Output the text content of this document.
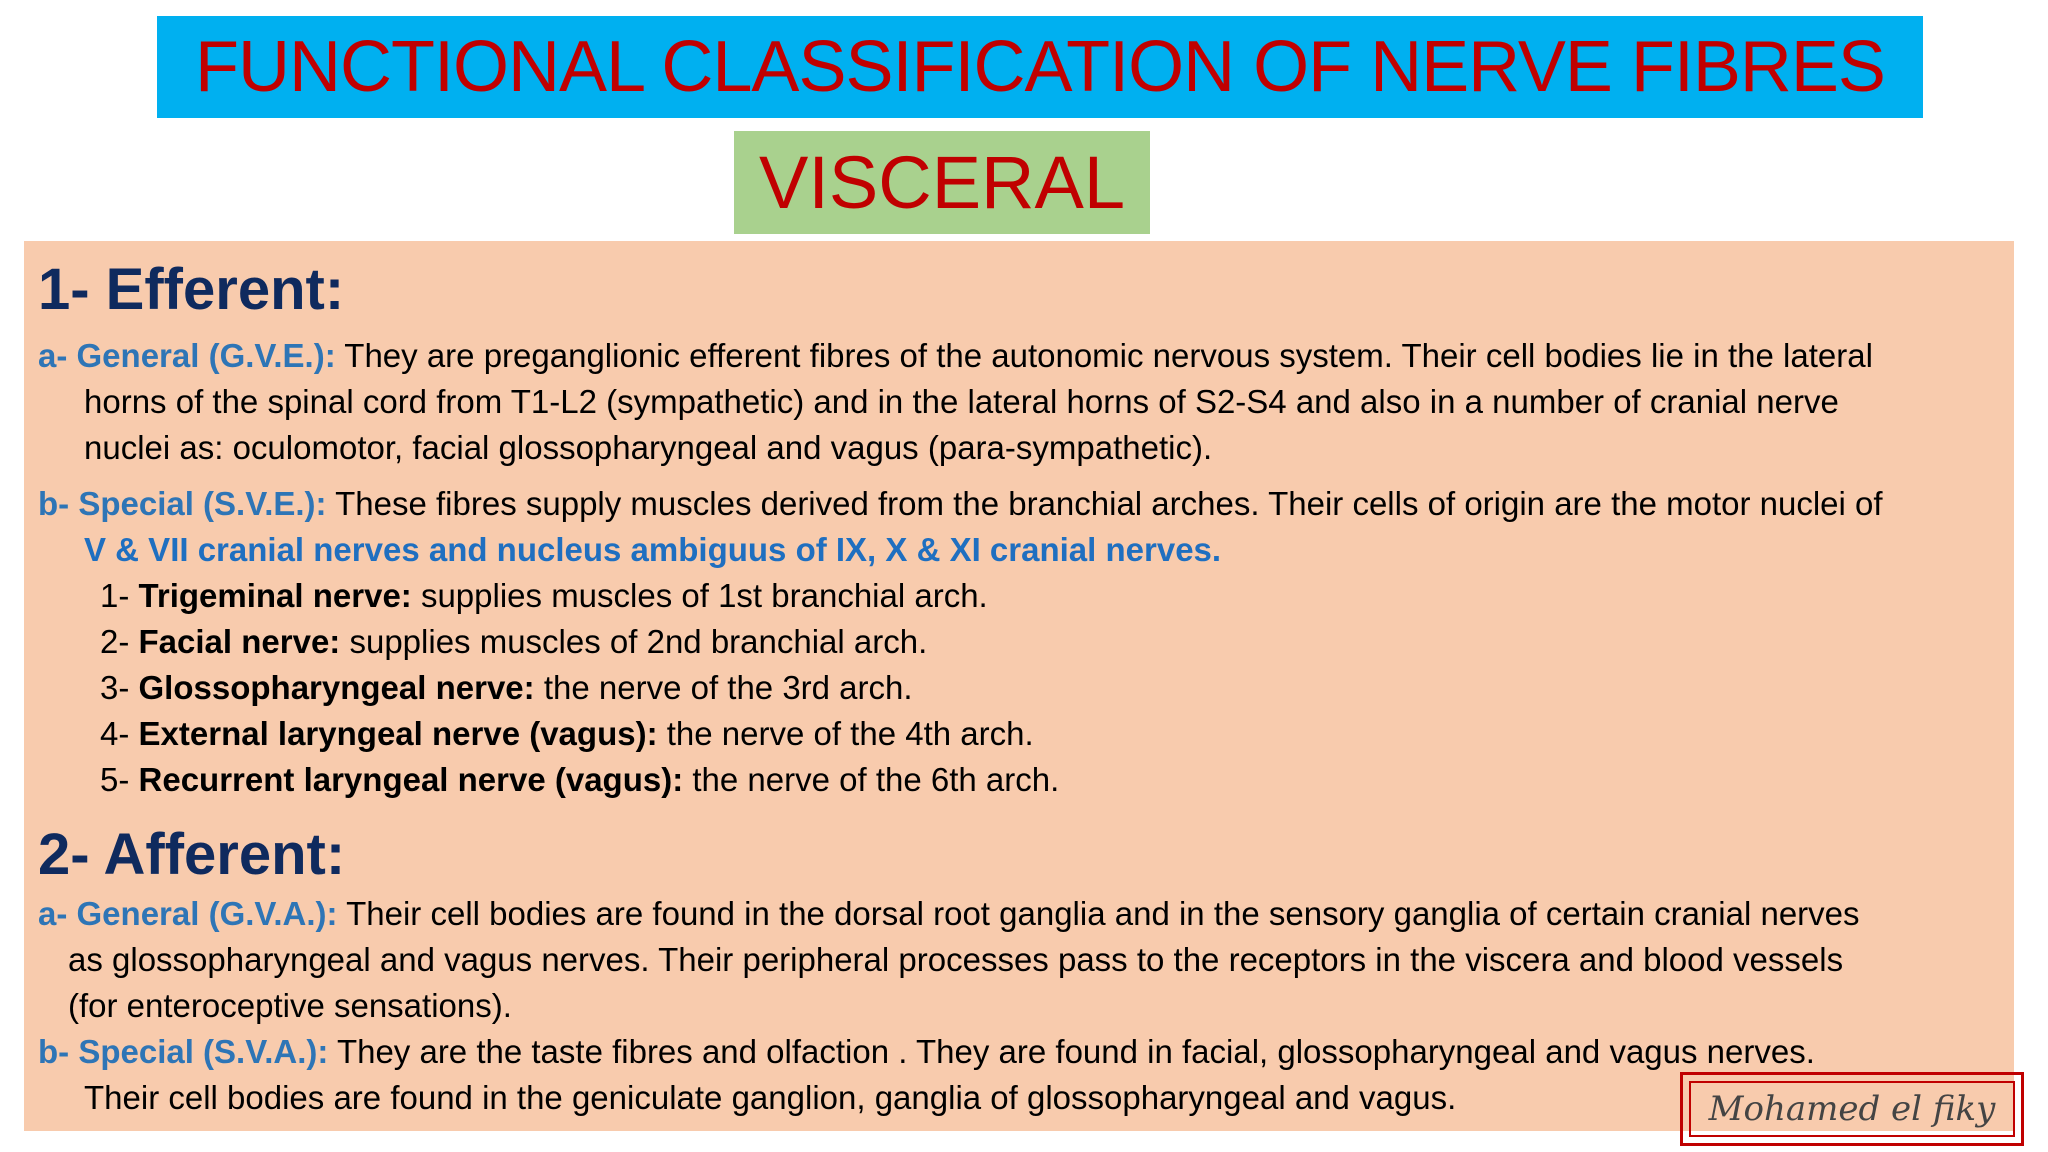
FUNCTIONAL CLASSIFICATION OF NERVE FIBRES
VISCERAL
1- Efferent:
a- General (G.V.E.): They are preganglionic efferent fibres of the autonomic nervous system. Their cell bodies lie in the lateral
horns of the spinal cord from T1-L2 (sympathetic) and in the lateral horns of S2-S4 and also in a number of cranial nerve
nuclei as: oculomotor, facial glossopharyngeal and vagus (para-sympathetic).
b- Special (S.V.E.): These fibres supply muscles derived from the branchial arches. Their cells of origin are the motor nuclei of
V & VII cranial nerves and nucleus ambiguus of IX, X & XI cranial nerves.
1- Trigeminal nerve: supplies muscles of 1st branchial arch.
2- Facial nerve: supplies muscles of 2nd branchial arch.
3- Glossopharyngeal nerve: the nerve of the 3rd arch.
4- External laryngeal nerve (vagus): the nerve of the 4th arch.
5- Recurrent laryngeal nerve (vagus): the nerve of the 6th arch.
2- Afferent:
a- General (G.V.A.): Their cell bodies are found in the dorsal root ganglia and in the sensory ganglia of certain cranial nerves
as glossopharyngeal and vagus nerves. Their peripheral processes pass to the receptors in the viscera and blood vessels
(for enteroceptive sensations).
b- Special (S.V.A.): They are the taste fibres and olfaction . They are found in facial, glossopharyngeal and vagus nerves.
Their cell bodies are found in the geniculate ganglion, ganglia of glossopharyngeal and vagus.	Mohamed el fiky
